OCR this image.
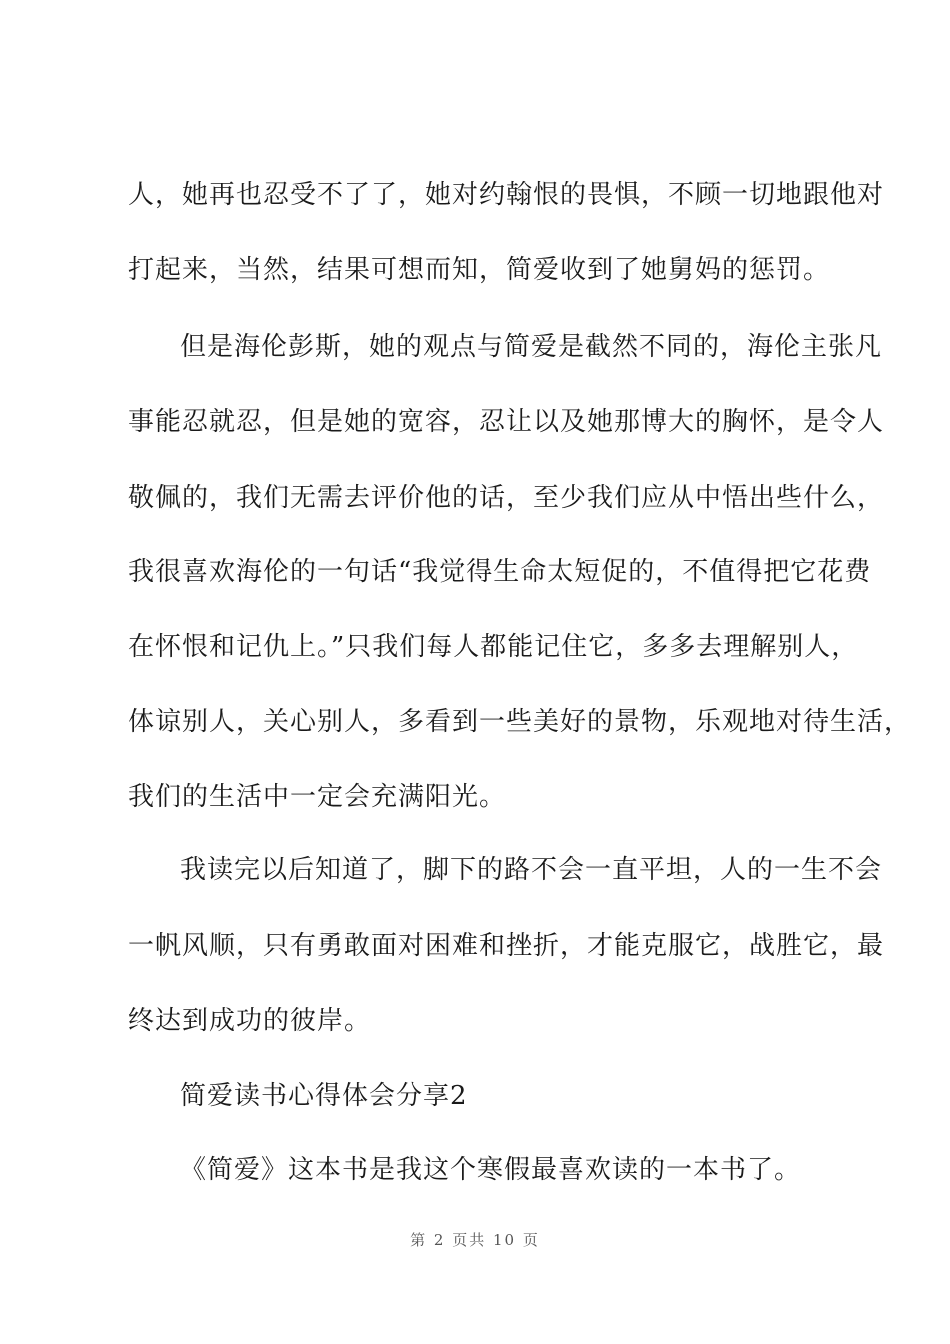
人，她再也忍受不了了，她对约翰恨的畏惧，不顾一切地跟他对
打起来，当然，结果可想而知，简爱收到了她舅妈的惩罚。
但是海伦彭斯，她的观点与简爱是截然不同的，海伦主张凡
事能忍就忍，但是她的宽容，忍让以及她那博大的胸怀，是令人
敬佩的，我们无需去评价他的话，至少我们应从中悟出些什么，
我很喜欢海伦的一句话“我觉得生命太短促的，不值得把它花费
在怀恨和记仇上。”只我们每人都能记住它，多多去理解别人，
体谅别人，关心别人，多看到一些美好的景物，乐观地对待生活，
我们的生活中一定会充满阳光。
我读完以后知道了，脚下的路不会一直平坦，人的一生不会
一帆风顺，只有勇敢面对困难和挫折，才能克服它，战胜它，最
终达到成功的彼岸。
简爱读书心得体会分享2
《简爱》这本书是我这个寒假最喜欢读的一本书了。
第 2 页共 10 页
